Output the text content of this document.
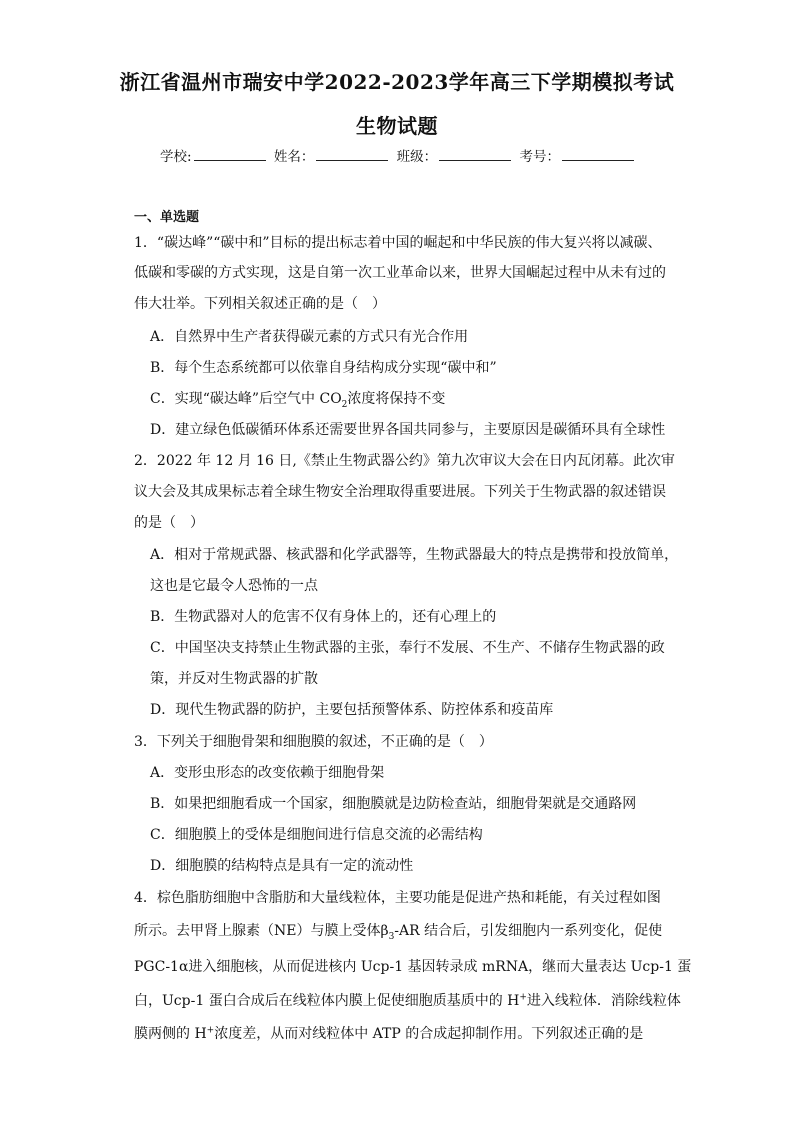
浙江省温州市瑞安中学2022-2023学年高三下学期模拟考试
生物试题
学校:	姓名：	班级：	考号：
一、单选题
1．“碳达峰”“碳中和”目标的提出标志着中国的崛起和中华民族的伟大复兴将以减碳、
低碳和零碳的方式实现，这是自第一次工业革命以来，世界大国崛起过程中从未有过的
伟大壮举。下列相关叙述正确的是（　）
A．自然界中生产者获得碳元素的方式只有光合作用
B．每个生态系统都可以依靠自身结构成分实现“碳中和”
C．实现“碳达峰”后空气中 $CO_2$浓度将保持不变
D．建立绿色低碳循环体系还需要世界各国共同参与，主要原因是碳循环具有全球性
2．2022 年 12 月 16 日,《禁止生物武器公约》第九次审议大会在日内瓦闭幕。此次审
议大会及其成果标志着全球生物安全治理取得重要进展。下列关于生物武器的叙述错误
的是（　）
A．相对于常规武器、核武器和化学武器等，生物武器最大的特点是携带和投放简单，
这也是它最令人恐怖的一点
B．生物武器对人的危害不仅有身体上的，还有心理上的
C．中国坚决支持禁止生物武器的主张，奉行不发展、不生产、不储存生物武器的政
策，并反对生物武器的扩散
D．现代生物武器的防护，主要包括预警体系、防控体系和疫苗库
3．下列关于细胞骨架和细胞膜的叙述，不正确的是（　）
A．变形虫形态的改变依赖于细胞骨架
B．如果把细胞看成一个国家，细胞膜就是边防检查站，细胞骨架就是交通路网
C．细胞膜上的受体是细胞间进行信息交流的必需结构
D．细胞膜的结构特点是具有一定的流动性
4．棕色脂肪细胞中含脂肪和大量线粒体，主要功能是促进产热和耗能，有关过程如图
所示。去甲肾上腺素（NE）与膜上受体$\beta_3-AR$ 结合后，引发细胞内一系列变化，促使
PGC-1α进入细胞核，从而促进核内 Ucp-1 基因转录成 mRNA，继而大量表达 Ucp-1 蛋
白，Ucp-1 蛋白合成后在线粒体内膜上促使细胞质基质中的 H+进入线粒体．消除线粒体
膜两侧的 H+浓度差，从而对线粒体中 ATP 的合成起抑制作用。下列叙述正确的是
